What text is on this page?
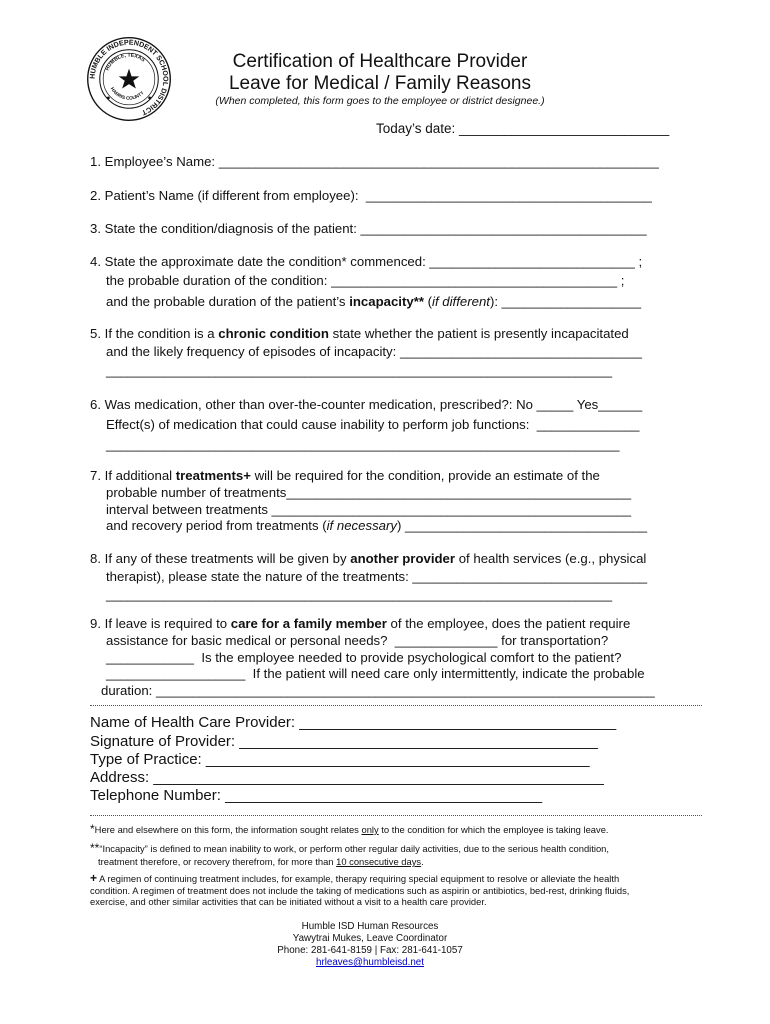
HUMBLE INDEPENDENT SCHOOL DISTRICT
HUMBLE, TEXAS
HARRIS COUNTY
Certification of Healthcare Provider
Leave for Medical / Family Reasons
(When completed, this form goes to the employee or district designee.)
Today’s date: ____________________________
1. Employee’s Name: ____________________________________________________________
2. Patient’s Name (if different from employee):  _______________________________________
3. State the condition/diagnosis of the patient: _______________________________________
4. State the approximate date the condition* commenced: ____________________________ ;
the probable duration of the condition: _______________________________________ ;
and the probable duration of the patient’s incapacity** (if different): ___________________
5. If the condition is a chronic condition state whether the patient is presently incapacitated
and the likely frequency of episodes of incapacity: _________________________________
_____________________________________________________________________
6. Was medication, other than over-the-counter medication, prescribed?: No _____ Yes______
Effect(s) of medication that could cause inability to perform job functions:  ______________
______________________________________________________________________
7. If additional treatments+ will be required for the condition, provide an estimate of the
probable number of treatments_______________________________________________
interval between treatments _________________________________________________
and recovery period from treatments (if necessary) _________________________________
8. If any of these treatments will be given by another provider of health services (e.g., physical
therapist), please state the nature of the treatments: ________________________________
_____________________________________________________________________
9. If leave is required to care for a family member of the employee, does the patient require
assistance for basic medical or personal needs?  ______________ for transportation?
____________  Is the employee needed to provide psychological comfort to the patient?
___________________  If the patient will need care only intermittently, indicate the probable
duration: ____________________________________________________________________
Name of Health Care Provider: ______________________________________
Signature of Provider: ___________________________________________
Type of Practice: ______________________________________________
Address: ______________________________________________________
Telephone Number: ______________________________________
*Here and elsewhere on this form, the information sought relates only to the condition for which the employee is taking leave.
**“Incapacity” is defined to mean inability to work, or perform other regular daily activities, due to the serious health condition,
treatment therefore, or recovery therefrom, for more than 10 consecutive days.
+ A regimen of continuing treatment includes, for example, therapy requiring special equipment to resolve or alleviate the health
condition. A regimen of treatment does not include the taking of medications such as aspirin or antibiotics, bed-rest, drinking fluids,
exercise, and other similar activities that can be initiated without a visit to a health care provider.
Humble ISD Human Resources
Yawytrai Mukes, Leave Coordinator
Phone: 281-641-8159 | Fax: 281-641-1057
hrleaves@humbleisd.net
